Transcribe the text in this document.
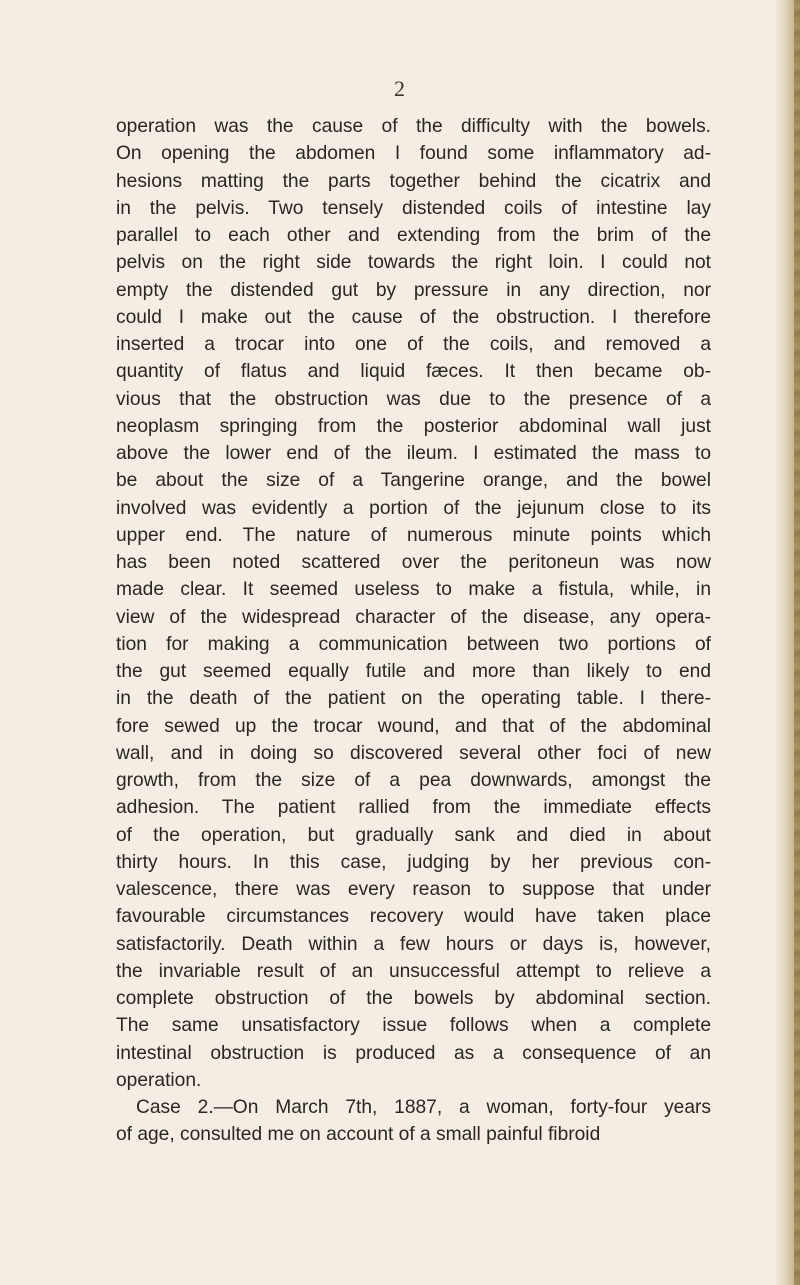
2
operation was the cause of the difficulty with the bowels.
On opening the abdomen I found some inflammatory ad-
hesions matting the parts together behind the cicatrix and
in the pelvis. Two tensely distended coils of intestine lay
parallel to each other and extending from the brim of the
pelvis on the right side towards the right loin. I could not
empty the distended gut by pressure in any direction, nor
could I make out the cause of the obstruction. I therefore
inserted a trocar into one of the coils, and removed a
quantity of flatus and liquid fæces. It then became ob-
vious that the obstruction was due to the presence of a
neoplasm springing from the posterior abdominal wall just
above the lower end of the ileum. I estimated the mass to
be about the size of a Tangerine orange, and the bowel
involved was evidently a portion of the jejunum close to its
upper end. The nature of numerous minute points which
has been noted scattered over the peritoneun was now
made clear. It seemed useless to make a fistula, while, in
view of the widespread character of the disease, any opera-
tion for making a communication between two portions of
the gut seemed equally futile and more than likely to end
in the death of the patient on the operating table. I there-
fore sewed up the trocar wound, and that of the abdominal
wall, and in doing so discovered several other foci of new
growth, from the size of a pea downwards, amongst the
adhesion. The patient rallied from the immediate effects
of the operation, but gradually sank and died in about
thirty hours. In this case, judging by her previous con-
valescence, there was every reason to suppose that under
favourable circumstances recovery would have taken place
satisfactorily. Death within a few hours or days is, however,
the invariable result of an unsuccessful attempt to relieve a
complete obstruction of the bowels by abdominal section.
The same unsatisfactory issue follows when a complete
intestinal obstruction is produced as a consequence of an
operation.
Case 2.—On March 7th, 1887, a woman, forty-four years
of age, consulted me on account of a small painful fibroid
